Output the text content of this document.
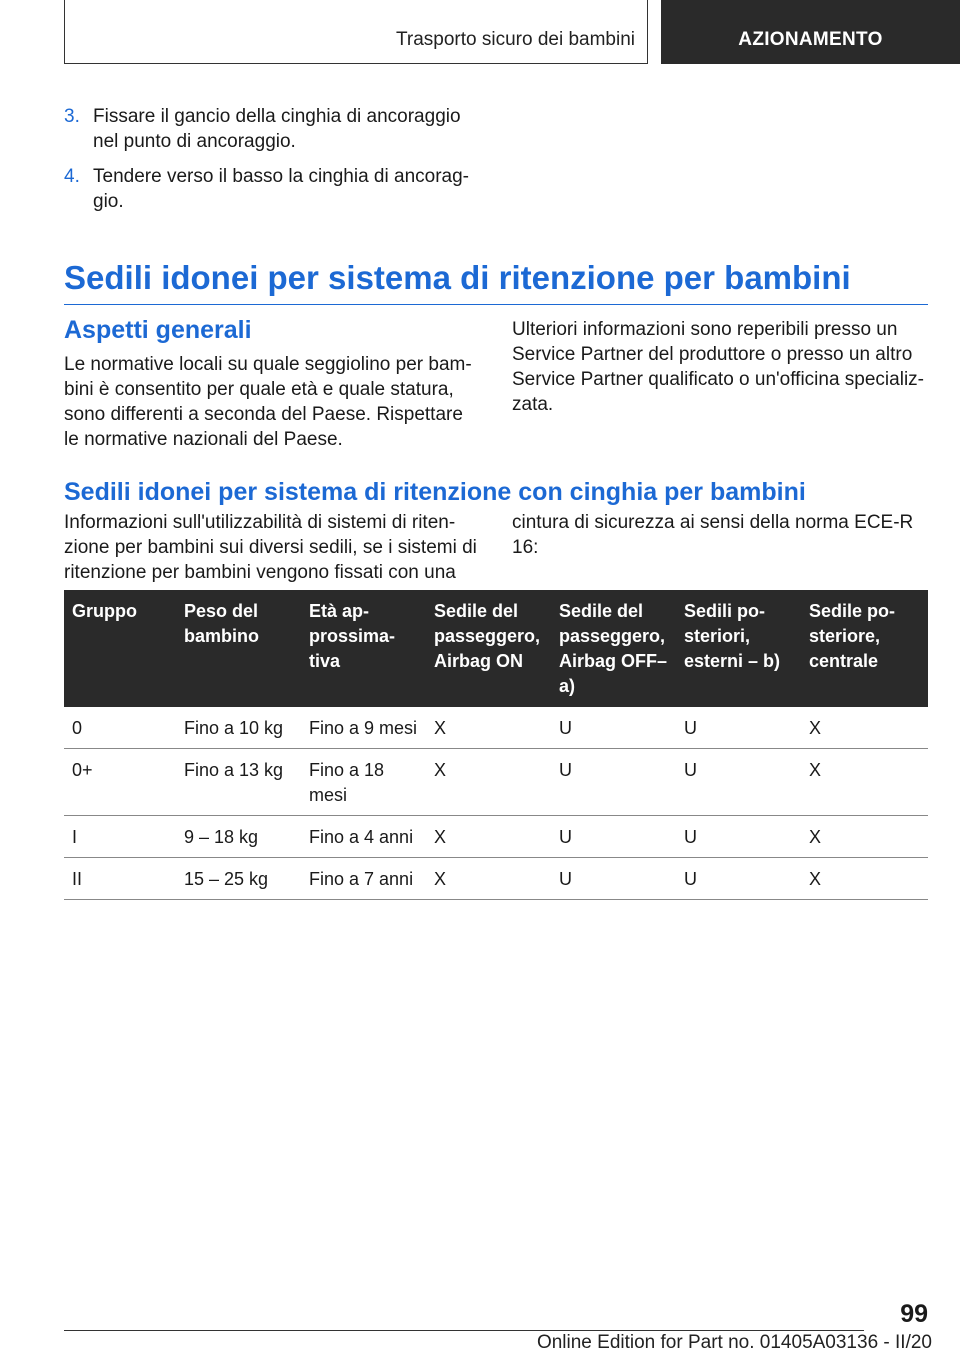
Trasporto sicuro dei bambini	AZIONAMENTO
3. Fissare il gancio della cinghia di ancoraggio nel punto di ancoraggio.
4. Tendere verso il basso la cinghia di ancoraggio.
Sedili idonei per sistema di ritenzione per bambini
Aspetti generali
Le normative locali su quale seggiolino per bambini è consentito per quale età e quale statura, sono differenti a seconda del Paese. Rispettare le normative nazionali del Paese.
Ulteriori informazioni sono reperibili presso un Service Partner del produttore o presso un altro Service Partner qualificato o un'officina specializzata.
Sedili idonei per sistema di ritenzione con cinghia per bambini
Informazioni sull'utilizzabilità di sistemi di ritenzione per bambini sui diversi sedili, se i sistemi di ritenzione per bambini vengono fissati con una
cintura di sicurezza ai sensi della norma ECE-R 16:
Gruppo	Peso del bambino	Età approssimativa	Sedile del passeggero, Airbag ON	Sedile del passeggero, Airbag OFF– a)	Sedili posteriori, esterni – b)	Sedile posteriore, centrale
0	Fino a 10 kg	Fino a 9 mesi	X	U	U	X
0+	Fino a 13 kg	Fino a 18 mesi	X	U	U	X
I	9 – 18 kg	Fino a 4 anni	X	U	U	X
II	15 – 25 kg	Fino a 7 anni	X	U	U	X
99
Online Edition for Part no. 01405A03136 - II/20
